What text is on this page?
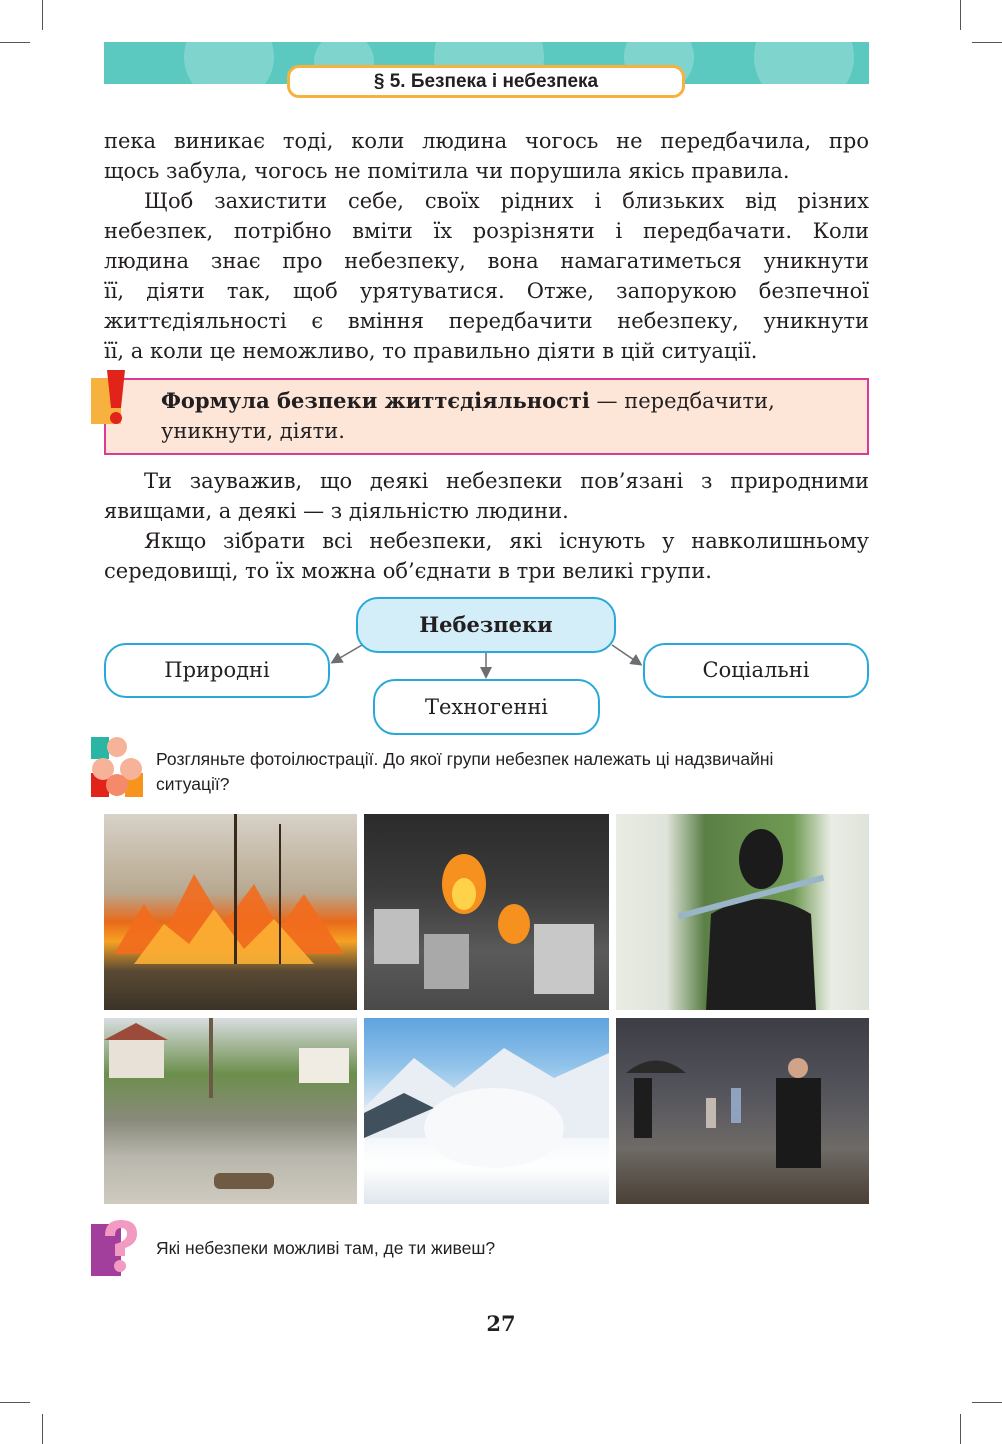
§ 5. Безпека і небезпека
пека виникає тоді, коли людина чогось не передбачила, про
щось забула, чогось не помітила чи порушила якісь правила.
Щоб захистити себе, своїх рідних і близьких від різних
небезпек, потрібно вміти їх розрізняти і передбачати. Коли
людина знає про небезпеку, вона намагатиметься уникнути
її, діяти так, щоб урятуватися. Отже, запорукою безпечної
життєдіяльності є вміння передбачити небезпеку, уникнути
її, а коли це неможливо, то правильно діяти в цій ситуації.
Формула безпеки життєдіяльності — передбачити,
уникнути, діяти.
Ти зауважив, що деякі небезпеки пов’язані з природними
явищами, а деякі — з діяльністю людини.
Якщо зібрати всі небезпеки, які існують у навколишньому
середовищі, то їх можна об’єднати в три великі групи.
Небезпеки
Природні
Техногенні
Соціальні
Розгляньте фотоілюстрації. До якої групи небезпек належать ці надзвичайні
ситуації?
Які небезпеки можливі там, де ти живеш?
27
